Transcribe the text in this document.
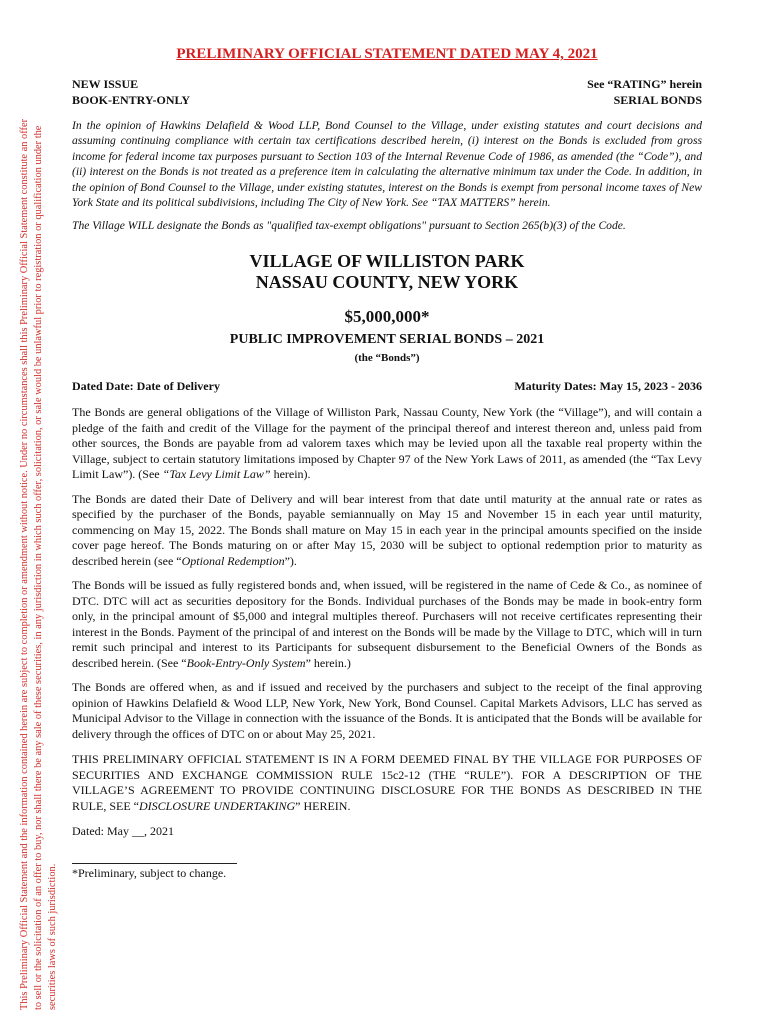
This Preliminary Official Statement and the information contained herein are subject to completion or amendment without notice. Under no circumstances shall this Preliminary Official Statement constitute an offer to sell or the solicitation of an offer to buy, nor shall there be any sale of these securities, in any jurisdiction in which such offer, solicitation, or sale would be unlawful prior to registration or qualification under the securities laws of such jurisdiction.
PRELIMINARY OFFICIAL STATEMENT DATED MAY 4, 2021
NEW ISSUE
BOOK-ENTRY-ONLY
See “RATING” herein
SERIAL BONDS
In the opinion of Hawkins Delafield & Wood LLP, Bond Counsel to the Village, under existing statutes and court decisions and assuming continuing compliance with certain tax certifications described herein, (i) interest on the Bonds is excluded from gross income for federal income tax purposes pursuant to Section 103 of the Internal Revenue Code of 1986, as amended (the “Code”), and (ii) interest on the Bonds is not treated as a preference item in calculating the alternative minimum tax under the Code. In addition, in the opinion of Bond Counsel to the Village, under existing statutes, interest on the Bonds is exempt from personal income taxes of New York State and its political subdivisions, including The City of New York. See “TAX MATTERS” herein.
The Village WILL designate the Bonds as "qualified tax-exempt obligations" pursuant to Section 265(b)(3) of the Code.
VILLAGE OF WILLISTON PARK
NASSAU COUNTY, NEW YORK
$5,000,000*
PUBLIC IMPROVEMENT SERIAL BONDS – 2021
(the “Bonds”)
Dated Date: Date of Delivery	Maturity Dates: May 15, 2023 - 2036
The Bonds are general obligations of the Village of Williston Park, Nassau County, New York (the “Village”), and will contain a pledge of the faith and credit of the Village for the payment of the principal thereof and interest thereon and, unless paid from other sources, the Bonds are payable from ad valorem taxes which may be levied upon all the taxable real property within the Village, subject to certain statutory limitations imposed by Chapter 97 of the New York Laws of 2011, as amended (the “Tax Levy Limit Law”). (See “Tax Levy Limit Law” herein).
The Bonds are dated their Date of Delivery and will bear interest from that date until maturity at the annual rate or rates as specified by the purchaser of the Bonds, payable semiannually on May 15 and November 15 in each year until maturity, commencing on May 15, 2022. The Bonds shall mature on May 15 in each year in the principal amounts specified on the inside cover page hereof. The Bonds maturing on or after May 15, 2030 will be subject to optional redemption prior to maturity as described herein (see “Optional Redemption”).
The Bonds will be issued as fully registered bonds and, when issued, will be registered in the name of Cede & Co., as nominee of DTC. DTC will act as securities depository for the Bonds. Individual purchases of the Bonds may be made in book-entry form only, in the principal amount of $5,000 and integral multiples thereof. Purchasers will not receive certificates representing their interest in the Bonds. Payment of the principal of and interest on the Bonds will be made by the Village to DTC, which will in turn remit such principal and interest to its Participants for subsequent disbursement to the Beneficial Owners of the Bonds as described herein. (See “Book-Entry-Only System” herein.)
The Bonds are offered when, as and if issued and received by the purchasers and subject to the receipt of the final approving opinion of Hawkins Delafield & Wood LLP, New York, New York, Bond Counsel. Capital Markets Advisors, LLC has served as Municipal Advisor to the Village in connection with the issuance of the Bonds. It is anticipated that the Bonds will be available for delivery through the offices of DTC on or about May 25, 2021.
THIS PRELIMINARY OFFICIAL STATEMENT IS IN A FORM DEEMED FINAL BY THE VILLAGE FOR PURPOSES OF SECURITIES AND EXCHANGE COMMISSION RULE 15c2-12 (THE “RULE”). FOR A DESCRIPTION OF THE VILLAGE’S AGREEMENT TO PROVIDE CONTINUING DISCLOSURE FOR THE BONDS AS DESCRIBED IN THE RULE, SEE “DISCLOSURE UNDERTAKING” HEREIN.
Dated: May __, 2021
*Preliminary, subject to change.
